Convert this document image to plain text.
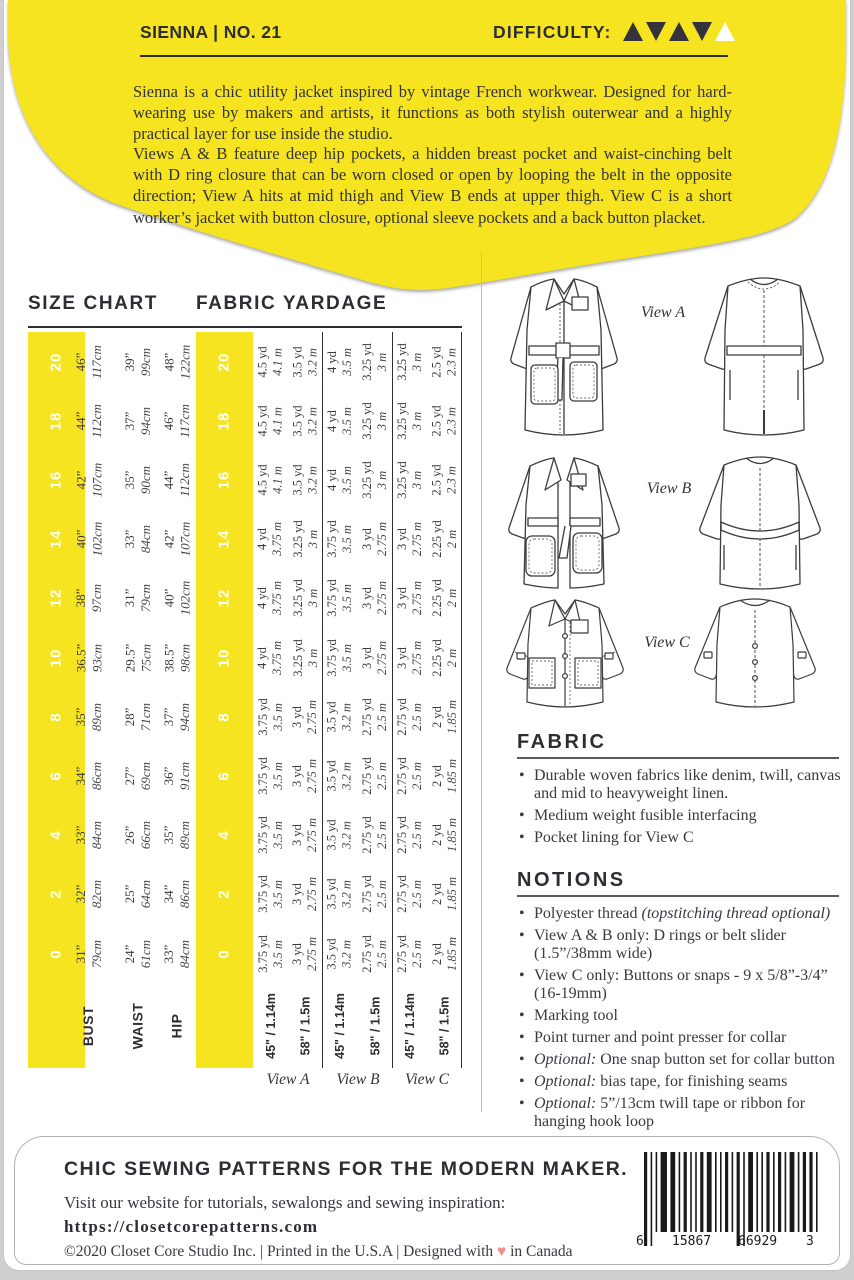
SIENNA | NO. 21	DIFFICULTY:

Sienna is a chic utility jacket inspired by vintage French workwear. Designed for hard-wearing use by makers and artists, it functions as both stylish outerwear and a highly practical layer for use inside the studio.

Views A & B feature deep hip pockets, a hidden breast pocket and waist-cinching belt with D ring closure that can be worn closed or open by looping the belt in the opposite direction; View A hits at mid thigh and View B ends at upper thigh. View C is a short worker’s jacket with button closure, optional sleeve pockets and a back button placket.

SIZE CHART FABRIC YARDAGE
20 46” 117cm 39” 99cm 48” 122cm
18 44” 112cm 37” 94cm 46” 117cm
16 42” 107cm 35” 90cm 44” 112cm
14 40” 102cm 33” 84cm 42” 107cm
12 38” 97cm 31” 79cm 40” 102cm
10 36.5” 93cm 29.5” 75cm 38.5” 98cm
8 35” 89cm 28” 71cm 37” 94cm
6 34” 86cm 27” 69cm 36” 91cm
4 33” 84cm 26” 66cm 35” 89cm
2 32” 82cm 25” 64cm 34” 86cm
0 31” 79cm 24” 61cm 33” 84cm
20 4.5 yd 4.1 m 3.5 yd 3.2 m 4 yd 3.5 m 3.25 yd 3 m 3.25 yd 3 m 2.5 yd 2.3 m
18 4.5 yd 4.1 m 3.5 yd 3.2 m 4 yd 3.5 m 3.25 yd 3 m 3.25 yd 3 m 2.5 yd 2.3 m
16 4.5 yd 4.1 m 3.5 yd 3.2 m 4 yd 3.5 m 3.25 yd 3 m 3.25 yd 3 m 2.5 yd 2.3 m
14 4 yd 3.75 m 3.25 yd 3 m 3.75 yd 3.5 m 3 yd 2.75 m 3 yd 2.75 m 2.25 yd 2 m
12 4 yd 3.75 m 3.25 yd 3 m 3.75 yd 3.5 m 3 yd 2.75 m 3 yd 2.75 m 2.25 yd 2 m
10 4 yd 3.75 m 3.25 yd 3 m 3.75 yd 3.5 m 3 yd 2.75 m 3 yd 2.75 m 2.25 yd 2 m
8 3.75 yd 3.5 m 3 yd 2.75 m 3.5 yd 3.2 m 2.75 yd 2.5 m 2.75 yd 2.5 m 2 yd 1.85 m
6 3.75 yd 3.5 m 3 yd 2.75 m 3.5 yd 3.2 m 2.75 yd 2.5 m 2.75 yd 2.5 m 2 yd 1.85 m
4 3.75 yd 3.5 m 3 yd 2.75 m 3.5 yd 3.2 m 2.75 yd 2.5 m 2.75 yd 2.5 m 2 yd 1.85 m
2 3.75 yd 3.5 m 3 yd 2.75 m 3.5 yd 3.2 m 2.75 yd 2.5 m 2.75 yd 2.5 m 2 yd 1.85 m
0 3.75 yd 3.5 m 3 yd 2.75 m 3.5 yd 3.2 m 2.75 yd 2.5 m 2.75 yd 2.5 m 2 yd 1.85 m
BUST WAIST HIP	45" / 1.14m 58" / 1.5m 45" / 1.14m 58" / 1.5m 45" / 1.14m 58" / 1.5m
View A	View B	View C
View A
View B
View C
FABRIC
• Durable woven fabrics like denim, twill, canvas and mid to heavyweight linen.
• Medium weight fusible interfacing
• Pocket lining for View C
NOTIONS
• Polyester thread (topstitching thread optional)
• View A & B only: D rings or belt slider (1.5”/38mm wide)
• View C only: Buttons or snaps - 9 x 5/8”-3/4” (16-19mm)
• Marking tool
• Point turner and point presser for collar
• Optional: One snap button set for collar button
• Optional: bias tape, for finishing seams
• Optional: 5”/13cm twill tape or ribbon for hanging hook loop
CHIC SEWING PATTERNS FOR THE MODERN MAKER.
Visit our website for tutorials, sewalongs and sewing inspiration:
https://closetcorepatterns.com
©2020 Closet Core Studio Inc. | Printed in the U.S.A | Designed with ♥ in Canada
6 15867 66929 3
